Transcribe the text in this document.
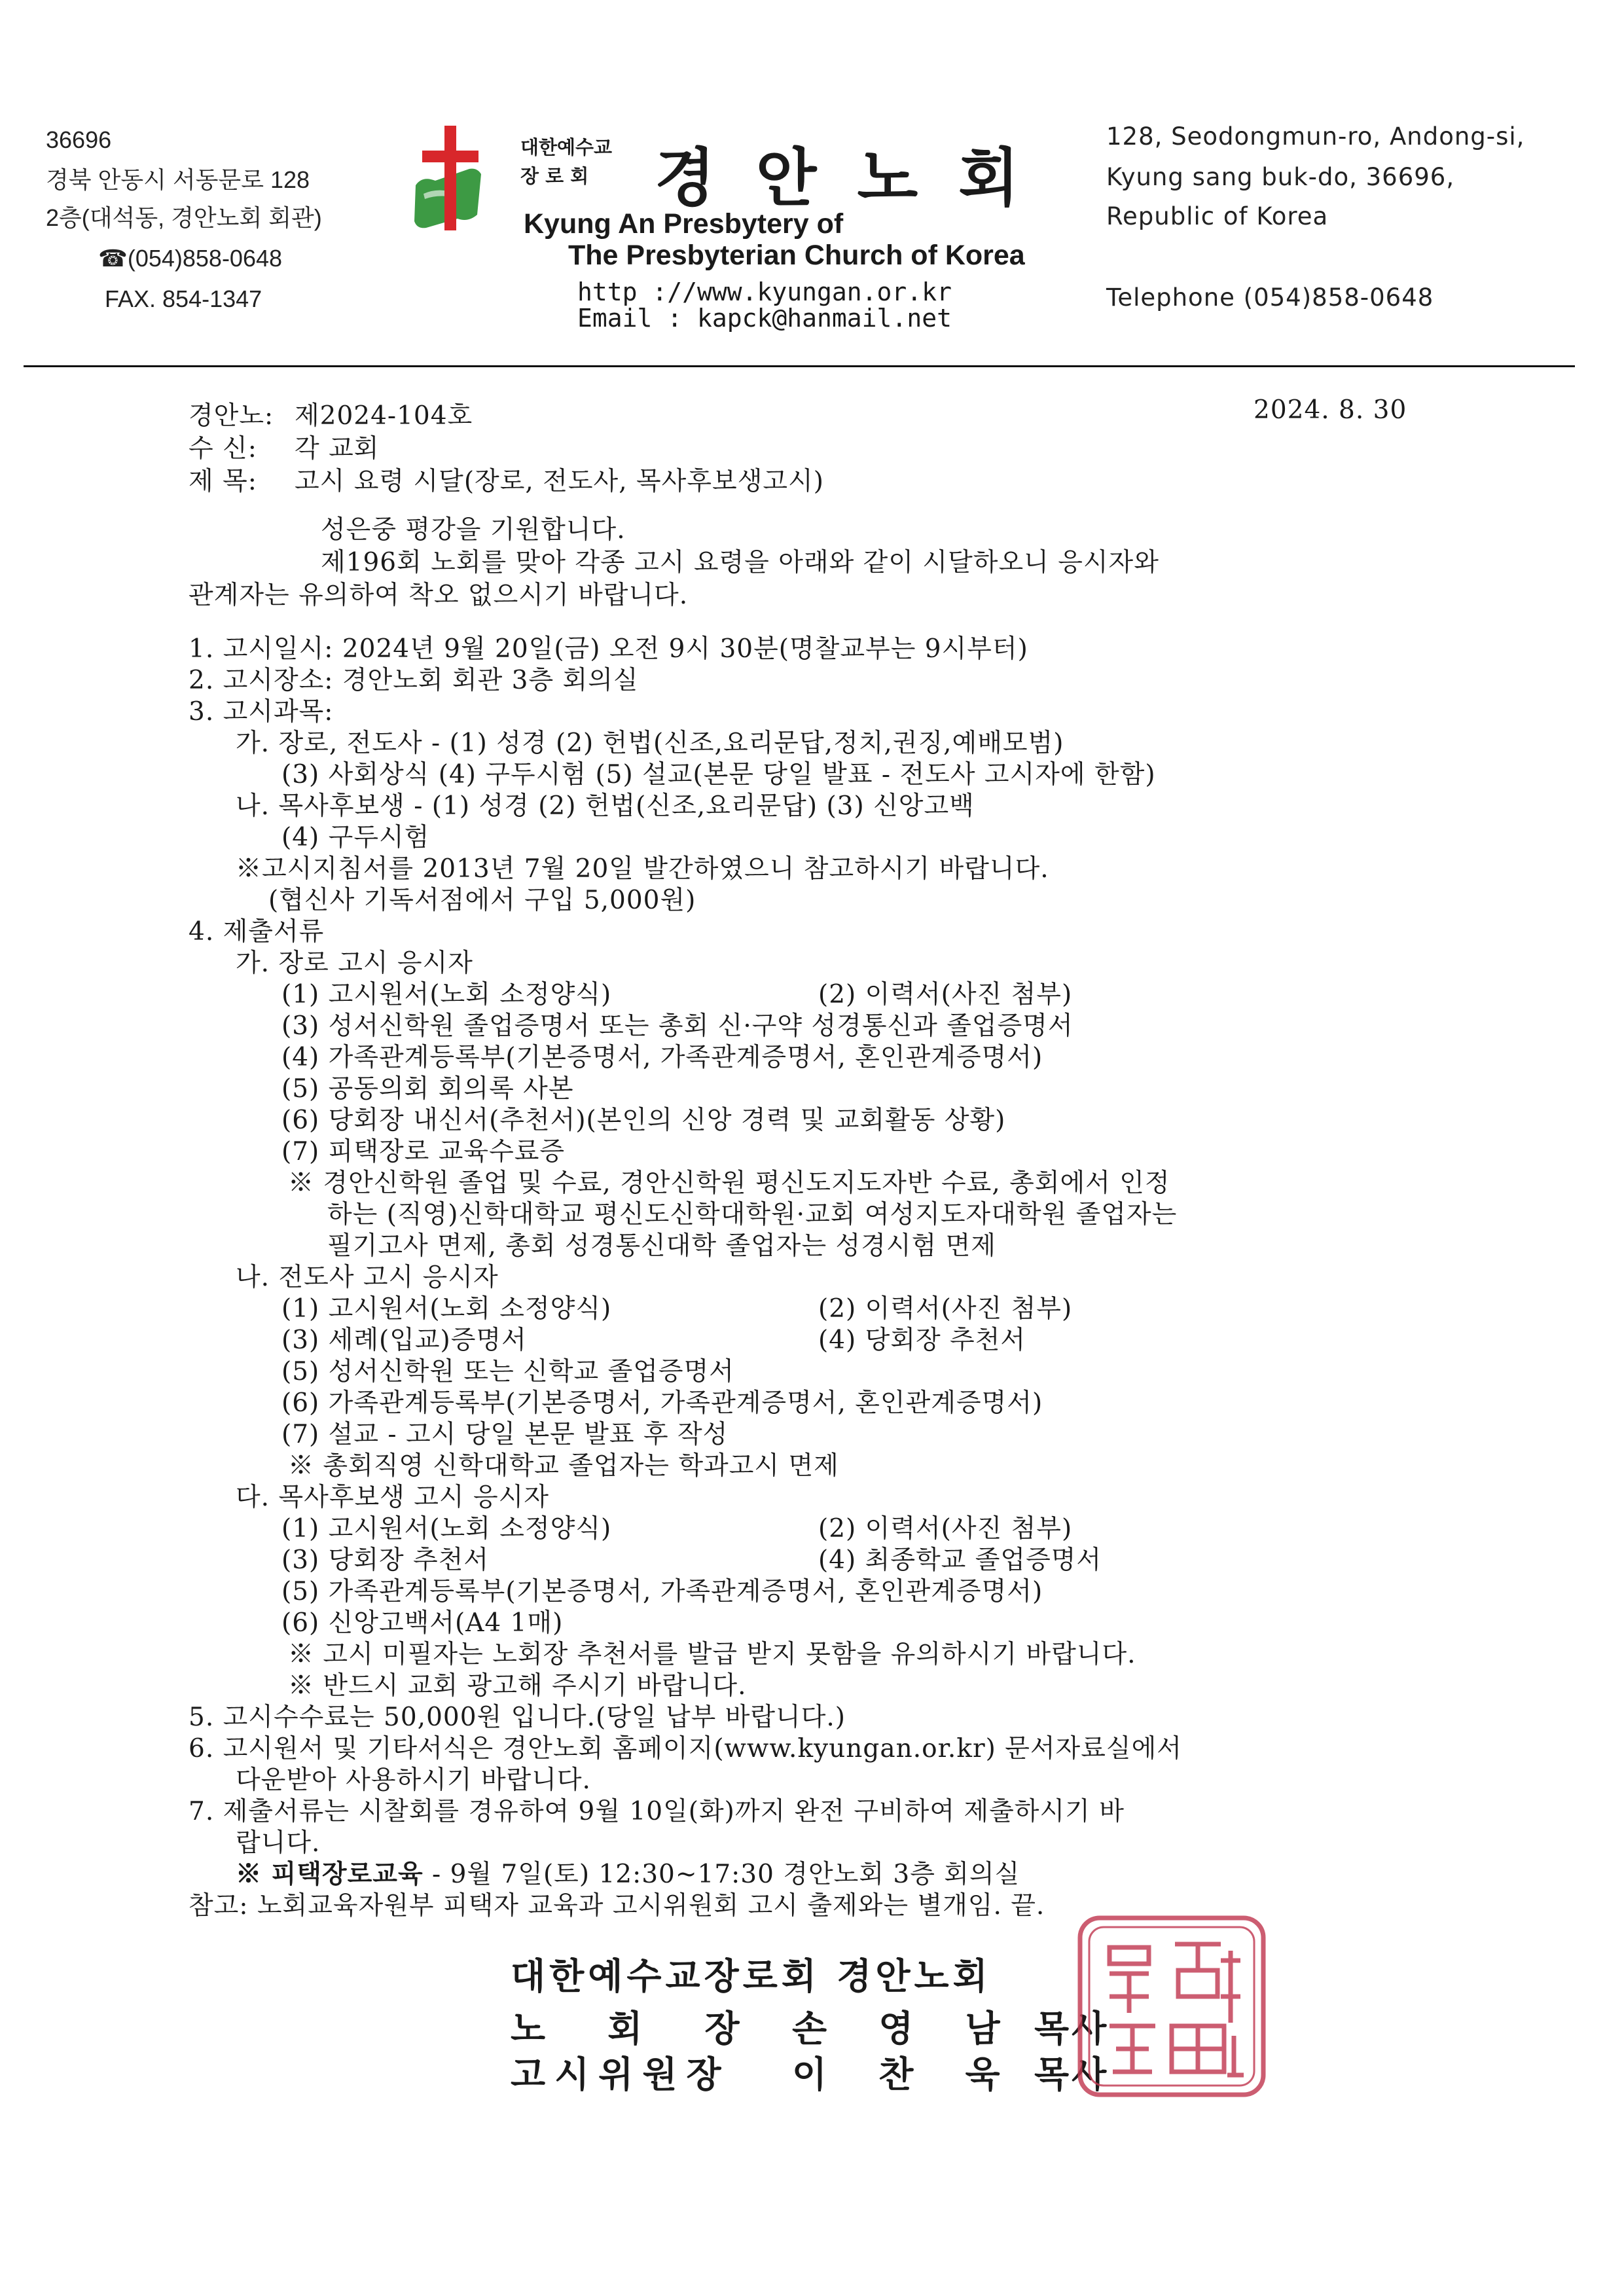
36696
경북 안동시 서동문로 128
2층(대석동, 경안노회 회관)
☎(054)858-0648
FAX. 854-1347
대한예수교
장 로 회 경안노회
Kyung An Presbytery of
The Presbyterian Church of Korea
http ://www.kyungan.or.kr
Email : kapck@hanmail.net
128, Seodongmun-ro, Andong-si,
Kyung sang buk-do, 36696,
Republic of Korea
Telephone (054)858-0648
경안노: 제2024-104호	2024. 8. 30
수 신: 각 교회
제 목: 고시 요령 시달(장로, 전도사, 목사후보생고시)
성은중 평강을 기원합니다.
제196회 노회를 맞아 각종 고시 요령을 아래와 같이 시달하오니 응시자와
관계자는 유의하여 착오 없으시기 바랍니다.
1. 고시일시: 2024년 9월 20일(금) 오전 9시 30분(명찰교부는 9시부터)
2. 고시장소: 경안노회 회관 3층 회의실
3. 고시과목:
가. 장로, 전도사 - (1) 성경 (2) 헌법(신조,요리문답,정치,권징,예배모범)
(3) 사회상식 (4) 구두시험 (5) 설교(본문 당일 발표 - 전도사 고시자에 한함)
나. 목사후보생 - (1) 성경 (2) 헌법(신조,요리문답) (3) 신앙고백
(4) 구두시험
※고시지침서를 2013년 7월 20일 발간하였으니 참고하시기 바랍니다.
(협신사 기독서점에서 구입 5,000원)
4. 제출서류
가. 장로 고시 응시자
(1) 고시원서(노회 소정양식)	(2) 이력서(사진 첨부)
(3) 성서신학원 졸업증명서 또는 총회 신·구약 성경통신과 졸업증명서
(4) 가족관계등록부(기본증명서, 가족관계증명서, 혼인관계증명서)
(5) 공동의회 회의록 사본
(6) 당회장 내신서(추천서)(본인의 신앙 경력 및 교회활동 상황)
(7) 피택장로 교육수료증
※ 경안신학원 졸업 및 수료, 경안신학원 평신도지도자반 수료, 총회에서 인정
하는 (직영)신학대학교 평신도신학대학원·교회 여성지도자대학원 졸업자는
필기고사 면제, 총회 성경통신대학 졸업자는 성경시험 면제
나. 전도사 고시 응시자
(1) 고시원서(노회 소정양식)	(2) 이력서(사진 첨부)
(3) 세례(입교)증명서	(4) 당회장 추천서
(5) 성서신학원 또는 신학교 졸업증명서
(6) 가족관계등록부(기본증명서, 가족관계증명서, 혼인관계증명서)
(7) 설교 - 고시 당일 본문 발표 후 작성
※ 총회직영 신학대학교 졸업자는 학과고시 면제
다. 목사후보생 고시 응시자
(1) 고시원서(노회 소정양식)	(2) 이력서(사진 첨부)
(3) 당회장 추천서	(4) 최종학교 졸업증명서
(5) 가족관계등록부(기본증명서, 가족관계증명서, 혼인관계증명서)
(6) 신앙고백서(A4 1매)
※ 고시 미필자는 노회장 추천서를 발급 받지 못함을 유의하시기 바랍니다.
※ 반드시 교회 광고해 주시기 바랍니다.
5. 고시수수료는 50,000원 입니다.(당일 납부 바랍니다.)
6. 고시원서 및 기타서식은 경안노회 홈페이지(www.kyungan.or.kr) 문서자료실에서
다운받아 사용하시기 바랍니다.
7. 제출서류는 시찰회를 경유하여 9월 10일(화)까지 완전 구비하여 제출하시기 바
랍니다.
※ 피택장로교육 - 9월 7일(토) 12:30~17:30 경안노회 3층 회의실
참고: 노회교육자원부 피택자 교육과 고시위원회 고시 출제와는 별개임. 끝.
대한예수교장로회 경안노회
노 회 장 손 영 남 목사
고시위원장 이 찬 욱 목사
